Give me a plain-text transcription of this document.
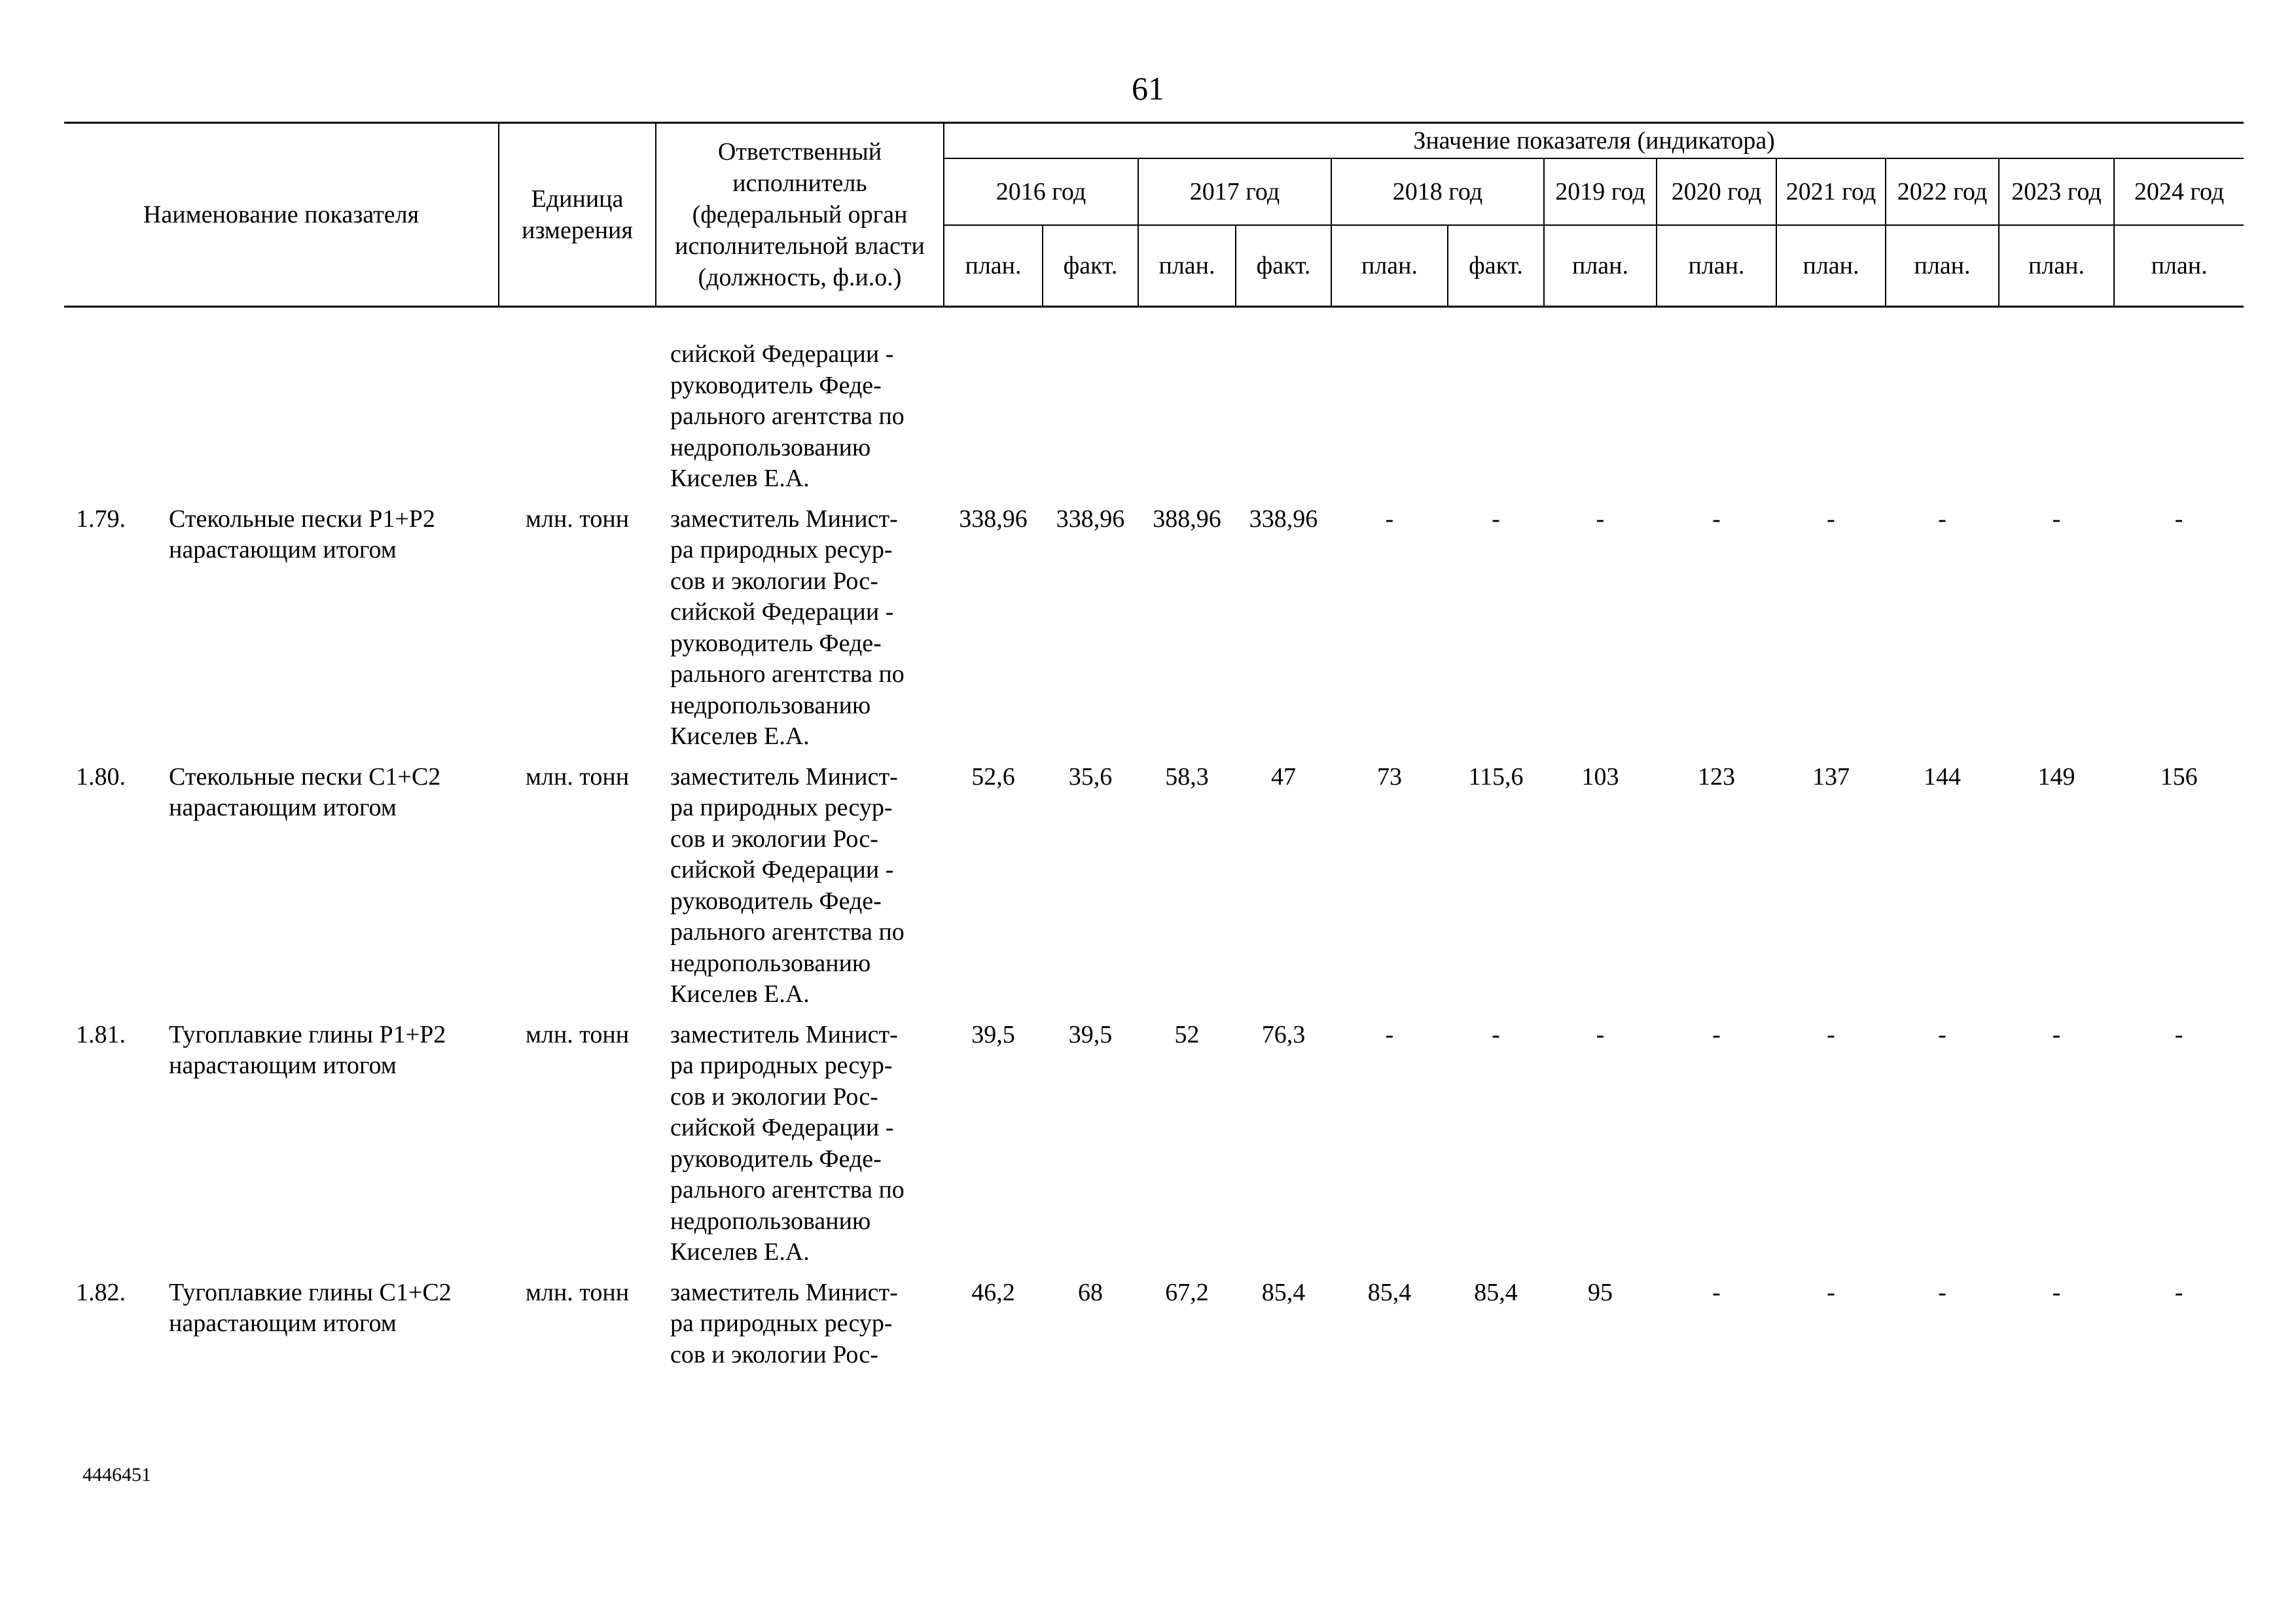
61
Наименование показателя	Единица измерения	Ответственный исполнитель (федеральный орган исполнительной власти (должность, ф.и.о.)	Значение показателя (индикатора)
2016 год	2017 год	2018 год	2019 год	2020 год	2021 год	2022 год	2023 год	2024 год
план.	факт.	план.	факт.	план.	факт.	план.	план.	план.	план.	план.	план.

		сийской Федерации -
руководитель Феде-
рального агентства по
недропользованию
Киселев Е.А.	

1.79.	Стекольные пески Р1+Р2 нарастающим итогом
	млн. тонн	заместитель Минист-
ра природных ресур-
сов и экологии Рос-
сийской Федерации -
руководитель Феде-
рального агентства по
недропользованию
Киселев Е.А.	338,96	338,96	388,96	338,96	-	-	-	-	-	-	-	-

1.80.	Стекольные пески С1+С2 нарастающим итогом
	млн. тонн	заместитель Минист-
ра природных ресур-
сов и экологии Рос-
сийской Федерации -
руководитель Феде-
рального агентства по
недропользованию
Киселев Е.А.	52,6	35,6	58,3	47	73	115,6	103	123	137	144	149	156

1.81.	Тугоплавкие глины Р1+Р2 нарастающим итогом
	млн. тонн	заместитель Минист-
ра природных ресур-
сов и экологии Рос-
сийской Федерации -
руководитель Феде-
рального агентства по
недропользованию
Киселев Е.А.	39,5	39,5	52	76,3	-	-	-	-	-	-	-	-

1.82.	Тугоплавкие глины С1+С2 нарастающим итогом
	млн. тонн	заместитель Минист-
ра природных ресур-
сов и экологии Рос-	46,2	68	67,2	85,4	85,4	85,4	95	-	-	-	-	-
4446451
